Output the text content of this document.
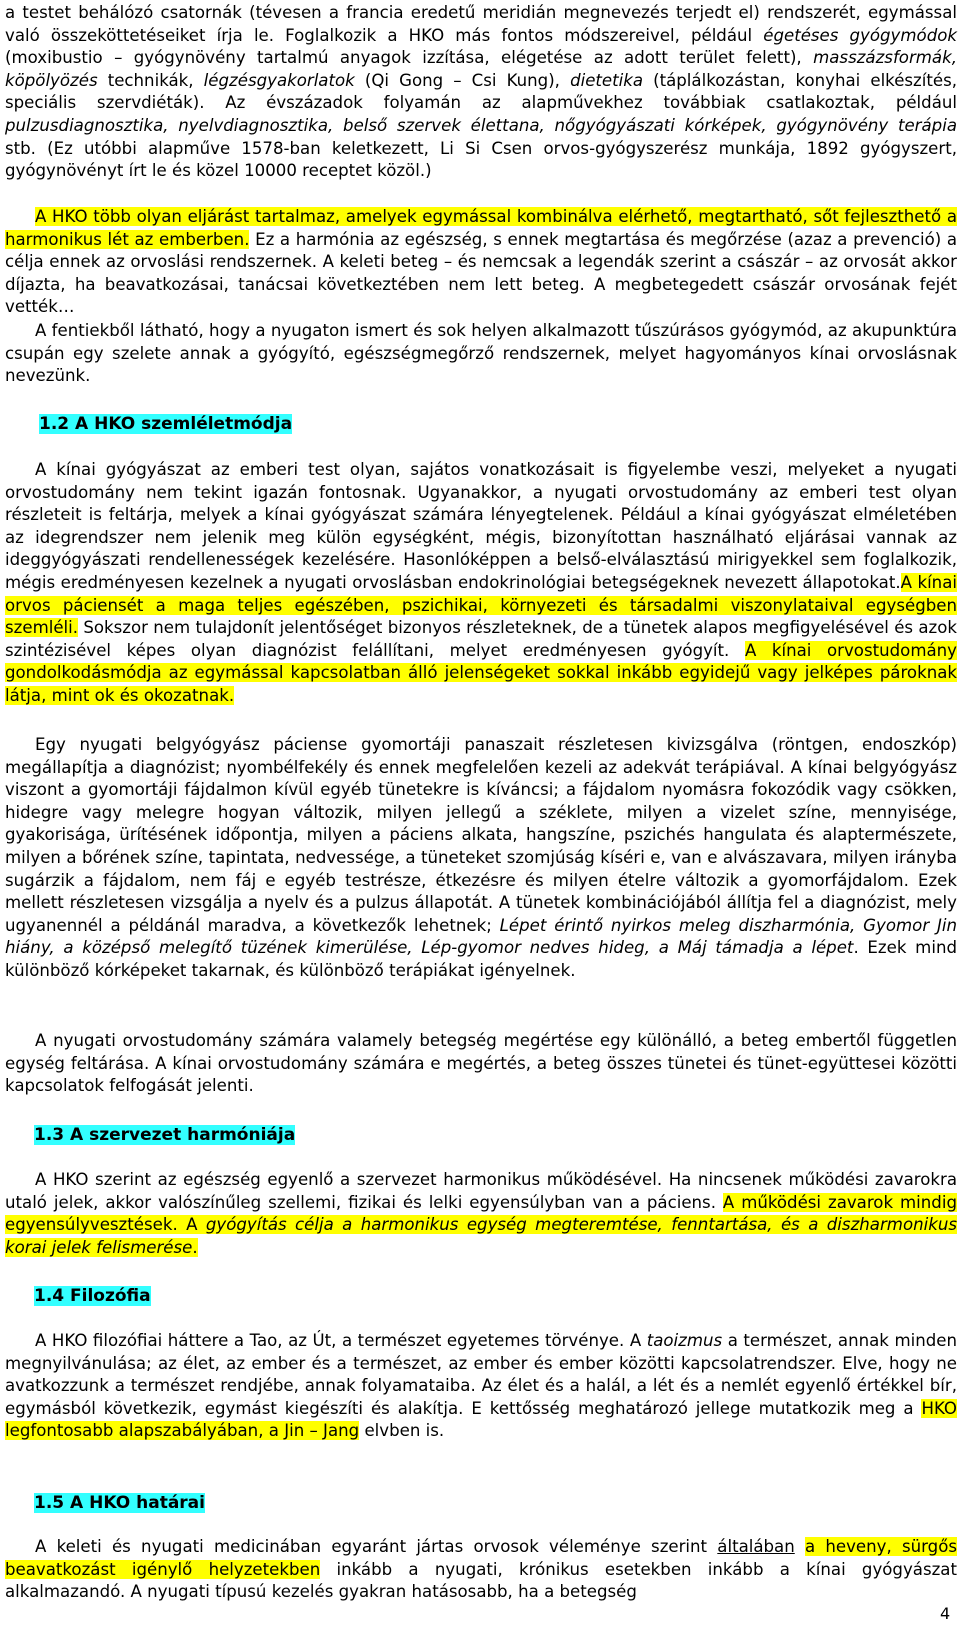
a testet behálózó csatornák (tévesen a francia eredetű meridián megnevezés terjedt el) rendszerét, egymással való összeköttetéseiket írja le. Foglalkozik a HKO más fontos módszereivel, például égetéses gyógymódok (moxibustio – gyógynövény tartalmú anyagok izzítása, elégetése az adott terület felett), masszázsformák, köpölyözés technikák, légzésgyakorlatok (Qi Gong – Csi Kung), dietetika (táplálkozástan, konyhai elkészítés, speciális szervdiéták). Az évszázadok folyamán az alapművekhez továbbiak csatlakoztak, például pulzusdiagnosztika, nyelvdiagnosztika, belső szervek élettana, nőgyógyászati kórképek, gyógynövény terápia stb. (Ez utóbbi alapműve 1578-ban keletkezett, Li Si Csen orvos-gyógyszerész munkája, 1892 gyógyszert, gyógynövényt írt le és közel 10000 receptet közöl.)

A HKO több olyan eljárást tartalmaz, amelyek egymással kombinálva elérhető, megtartható, sőt fejleszthető a harmonikus lét az emberben. Ez a harmónia az egészség, s ennek megtartása és megőrzése (azaz a prevenció) a célja ennek az orvoslási rendszernek. A keleti beteg – és nemcsak a legendák szerint a császár – az orvosát akkor díjazta, ha beavatkozásai, tanácsai következtében nem lett beteg. A megbetegedett császár orvosának fejét vették…

A fentiekből látható, hogy a nyugaton ismert és sok helyen alkalmazott tűszúrásos gyógymód, az akupunktúra csupán egy szelete annak a gyógyító, egészségmegőrző rendszernek, melyet hagyományos kínai orvoslásnak nevezünk.

1.2 A HKO szemléletmódja

A kínai gyógyászat az emberi test olyan, sajátos vonatkozásait is figyelembe veszi, melyeket a nyugati orvostudomány nem tekint igazán fontosnak. Ugyanakkor, a nyugati orvostudomány az emberi test olyan részleteit is feltárja, melyek a kínai gyógyászat számára lényegtelenek. Például a kínai gyógyászat elméletében az idegrendszer nem jelenik meg külön egységként, mégis, bizonyítottan használható eljárásai vannak az ideggyógyászati rendellenességek kezelésére. Hasonlóképpen a belső-elválasztású mirigyekkel sem foglalkozik, mégis eredményesen kezelnek a nyugati orvoslásban endokrinológiai betegségeknek nevezett állapotokat.A kínai orvos páciensét a maga teljes egészében, pszichikai, környezeti és társadalmi viszonylataival egységben szemléli. Sokszor nem tulajdonít jelentőséget bizonyos részleteknek, de a tünetek alapos megfigyelésével és azok szintézisével képes olyan diagnózist felállítani, melyet eredményesen gyógyít. A kínai orvostudomány gondolkodásmódja az egymással kapcsolatban álló jelenségeket sokkal inkább egyidejű vagy jelképes pároknak látja, mint ok és okozatnak.

Egy nyugati belgyógyász páciense gyomortáji panaszait részletesen kivizsgálva (röntgen, endoszkóp) megállapítja a diagnózist; nyombélfekély és ennek megfelelően kezeli az adekvát terápiával. A kínai belgyógyász viszont a gyomortáji fájdalmon kívül egyéb tünetekre is kíváncsi; a fájdalom nyomásra fokozódik vagy csökken, hidegre vagy melegre hogyan változik, milyen jellegű a széklete, milyen a vizelet színe, mennyisége, gyakorisága, ürítésének időpontja, milyen a páciens alkata, hangszíne, pszichés hangulata és alaptermészete, milyen a bőrének színe, tapintata, nedvessége, a tüneteket szomjúság kíséri e, van e alvászavara, milyen irányba sugárzik a fájdalom, nem fáj e egyéb testrésze, étkezésre és milyen ételre változik a gyomorfájdalom. Ezek mellett részletesen vizsgálja a nyelv és a pulzus állapotát. A tünetek kombinációjából állítja fel a diagnózist, mely ugyanennél a példánál maradva, a következők lehetnek; Lépet érintő nyirkos meleg diszharmónia, Gyomor Jin hiány, a középső melegítő tüzének kimerülése, Lép-gyomor nedves hideg, a Máj támadja a lépet. Ezek mind különböző kórképeket takarnak, és különböző terápiákat igényelnek.

A nyugati orvostudomány számára valamely betegség megértése egy különálló, a beteg embertől független egység feltárása. A kínai orvostudomány számára e megértés, a beteg összes tünetei és tünet-együttesei közötti kapcsolatok felfogását jelenti.

1.3 A szervezet harmóniája

A HKO szerint az egészség egyenlő a szervezet harmonikus működésével. Ha nincsenek működési zavarokra utaló jelek, akkor valószínűleg szellemi, fizikai és lelki egyensúlyban van a páciens. A működési zavarok mindig egyensúlyvesztések. A gyógyítás célja a harmonikus egység megteremtése, fenntartása, és a diszharmonikus korai jelek felismerése.

1.4 Filozófia

A HKO filozófiai háttere a Tao, az Út, a természet egyetemes törvénye. A taoizmus a természet, annak minden megnyilvánulása; az élet, az ember és a természet, az ember és ember közötti kapcsolatrendszer. Elve, hogy ne avatkozzunk a természet rendjébe, annak folyamataiba. Az élet és a halál, a lét és a nemlét egyenlő értékkel bír, egymásból következik, egymást kiegészíti és alakítja. E kettősség meghatározó jellege mutatkozik meg a HKO legfontosabb alapszabályában, a Jin – Jang elvben is.

1.5 A HKO határai

A keleti és nyugati medicinában egyaránt jártas orvosok véleménye szerint általában a heveny, sürgős beavatkozást igénylő helyzetekben inkább a nyugati, krónikus esetekben inkább a kínai gyógyászat alkalmazandó. A nyugati típusú kezelés gyakran hatásosabb, ha a betegség

4
